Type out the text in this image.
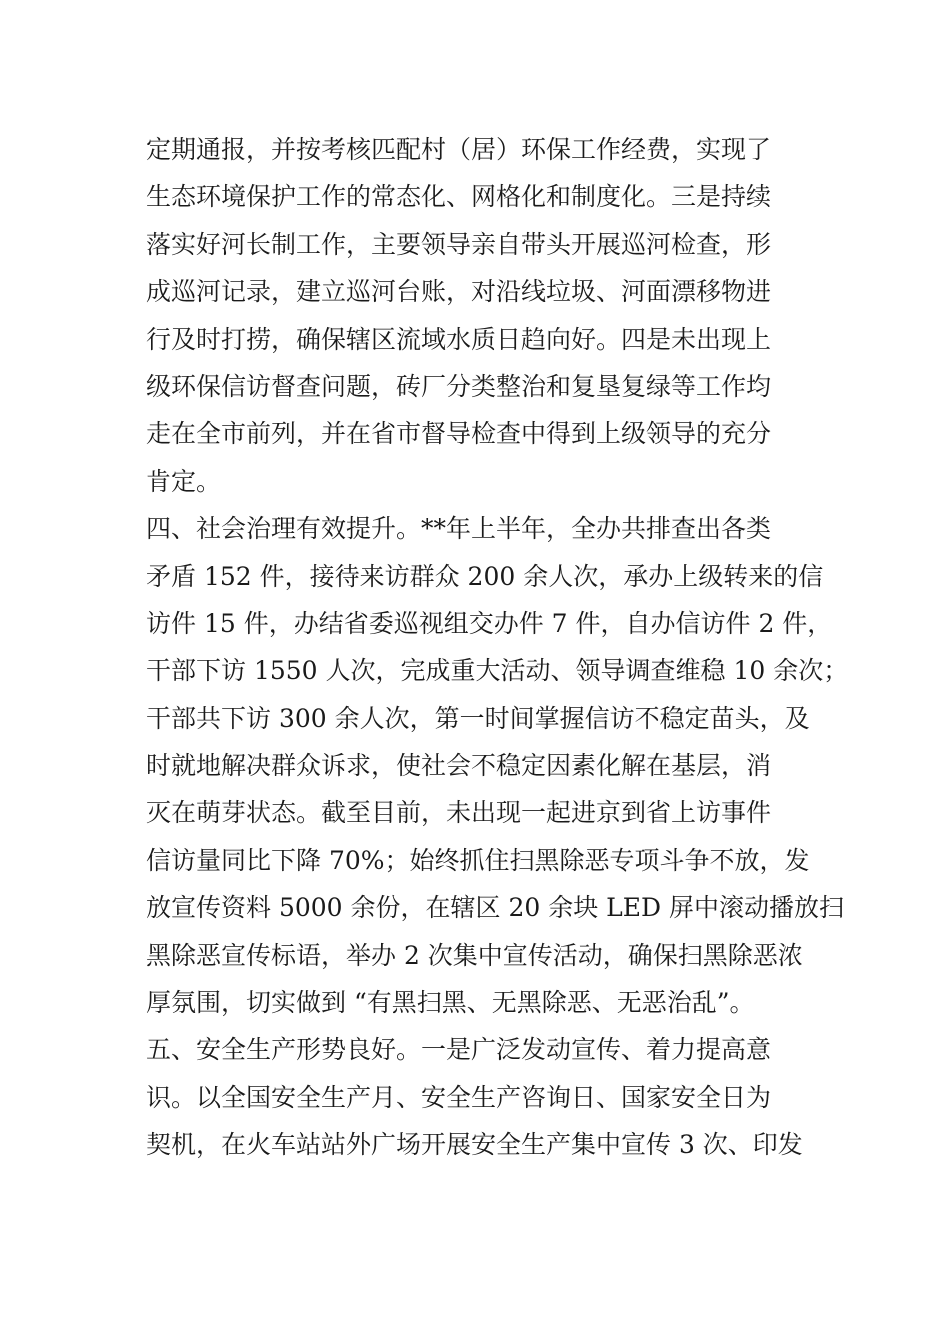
定期通报，并按考核匹配村（居）环保工作经费，实现了
生态环境保护工作的常态化、网格化和制度化。三是持续
落实好河长制工作，主要领导亲自带头开展巡河检查，形
成巡河记录，建立巡河台账，对沿线垃圾、河面漂移物进
行及时打捞，确保辖区流域水质日趋向好。四是未出现上
级环保信访督查问题，砖厂分类整治和复垦复绿等工作均
走在全市前列，并在省市督导检查中得到上级领导的充分
肯定。
四、社会治理有效提升。**年上半年，全办共排查出各类
矛盾 152 件，接待来访群众 200 余人次，承办上级转来的信
访件 15 件，办结省委巡视组交办件 7 件，自办信访件 2 件，
干部下访 1550 人次，完成重大活动、领导调查维稳 10 余次；
干部共下访 300 余人次，第一时间掌握信访不稳定苗头，及
时就地解决群众诉求，使社会不稳定因素化解在基层，消
灭在萌芽状态。截至目前，未出现一起进京到省上访事件
信访量同比下降 70%；始终抓住扫黑除恶专项斗争不放，发
放宣传资料 5000 余份，在辖区 20 余块 LED 屏中滚动播放扫
黑除恶宣传标语，举办 2 次集中宣传活动，确保扫黑除恶浓
厚氛围，切实做到 “有黑扫黑、无黑除恶、无恶治乱”。
五、安全生产形势良好。一是广泛发动宣传、着力提高意
识。以全国安全生产月、安全生产咨询日、国家安全日为
契机，在火车站站外广场开展安全生产集中宣传 3 次、印发
